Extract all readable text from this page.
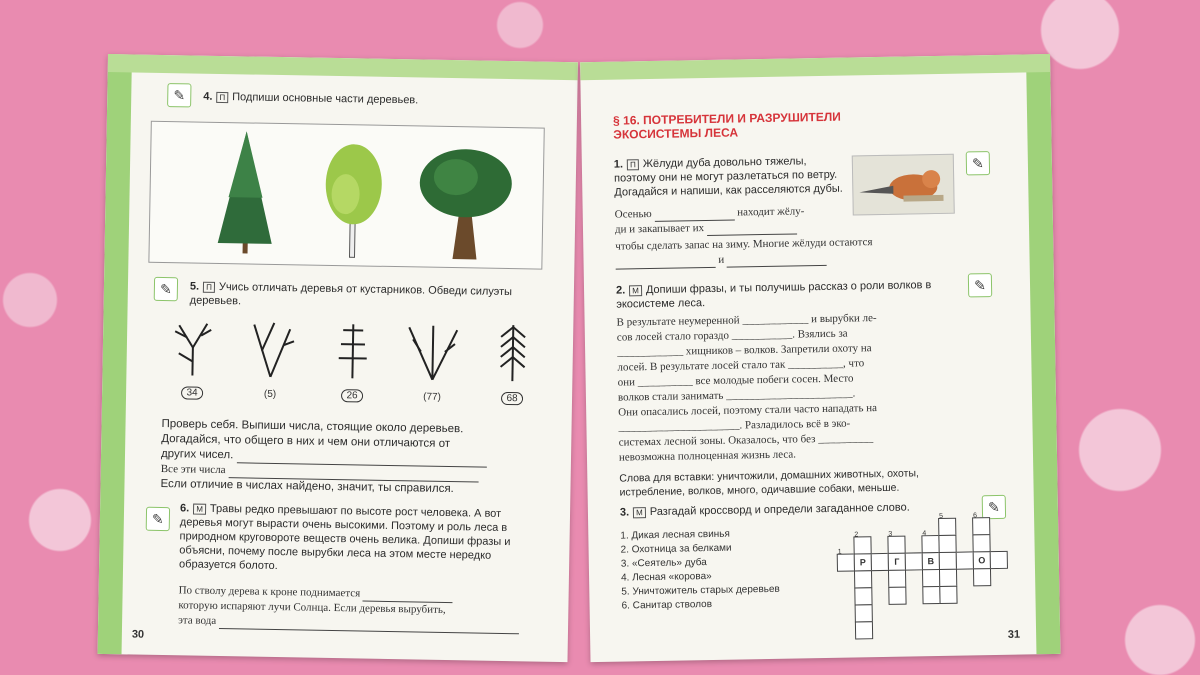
✎	4. П Подпиши основные части деревьев.
✎	5. П Учись отличать деревья от кустарников. Обведи силуэты деревьев.

34	(5)	26	(77)	68
Проверь себя. Выпиши числа, стоящие около деревьев.
Догадайся, что общего в них и чем они отличаются от
других чисел.
Все эти числа
Если отличие в числах найдено, значит, ты справился.
✎
6. М Травы редко превышают по высоте рост человека. А вот деревья могут вырасти очень высокими. Поэтому и роль леса в природном круговороте веществ очень велика. Допиши фразы и объясни, почему после вырубки леса на этом месте нередко образуется болото.
По стволу дерева к кроне поднимается
которую испаряют лучи Солнца. Если деревья вырубить,
эта вода
30
§ 16. ПОТРЕБИТЕЛИ И РАЗРУШИТЕЛИ
ЭКОСИСТЕМЫ ЛЕСА
1. П Жёлуди дуба довольно тяжелы, поэтому они не могут разлетаться по ветру. Догадайся и напиши, как расселяются дубы.
✎
Осенью	находит жёлу-
ди и закапывает их
чтобы сделать запас на зиму. Многие жёлуди остаются
и
2. М Допиши фразы, и ты получишь рассказ о роли волков в экосистеме леса.
✎
В результате неумеренной ____________ и вырубки ле-
сов лосей стало гораздо ___________. Взялись за
____________ хищников – волков. Запретили охоту на
лосей. В результате лосей стало так __________, что
они __________ все молодые побеги сосен. Место
волков стали занимать _______________________.
Они опасались лосей, поэтому стали часто нападать на
______________________. Разладилось всё в эко-
системах лесной зоны. Оказалось, что без __________
невозможна полноценная жизнь леса.
Слова для вставки: уничтожили, домашних животных, охоты, истребление, волков, много, одичавшие собаки, меньше.
3. М Разгадай кроссворд и определи загаданное слово.	✎
1. Дикая лесная свинья
2. Охотница за белками
3. «Сеятель» дуба
4. Лесная «корова»
5. Уничтожитель старых деревьев
6. Санитар стволов
1
Р	Г	В	О
2	3	4
5	6
31
